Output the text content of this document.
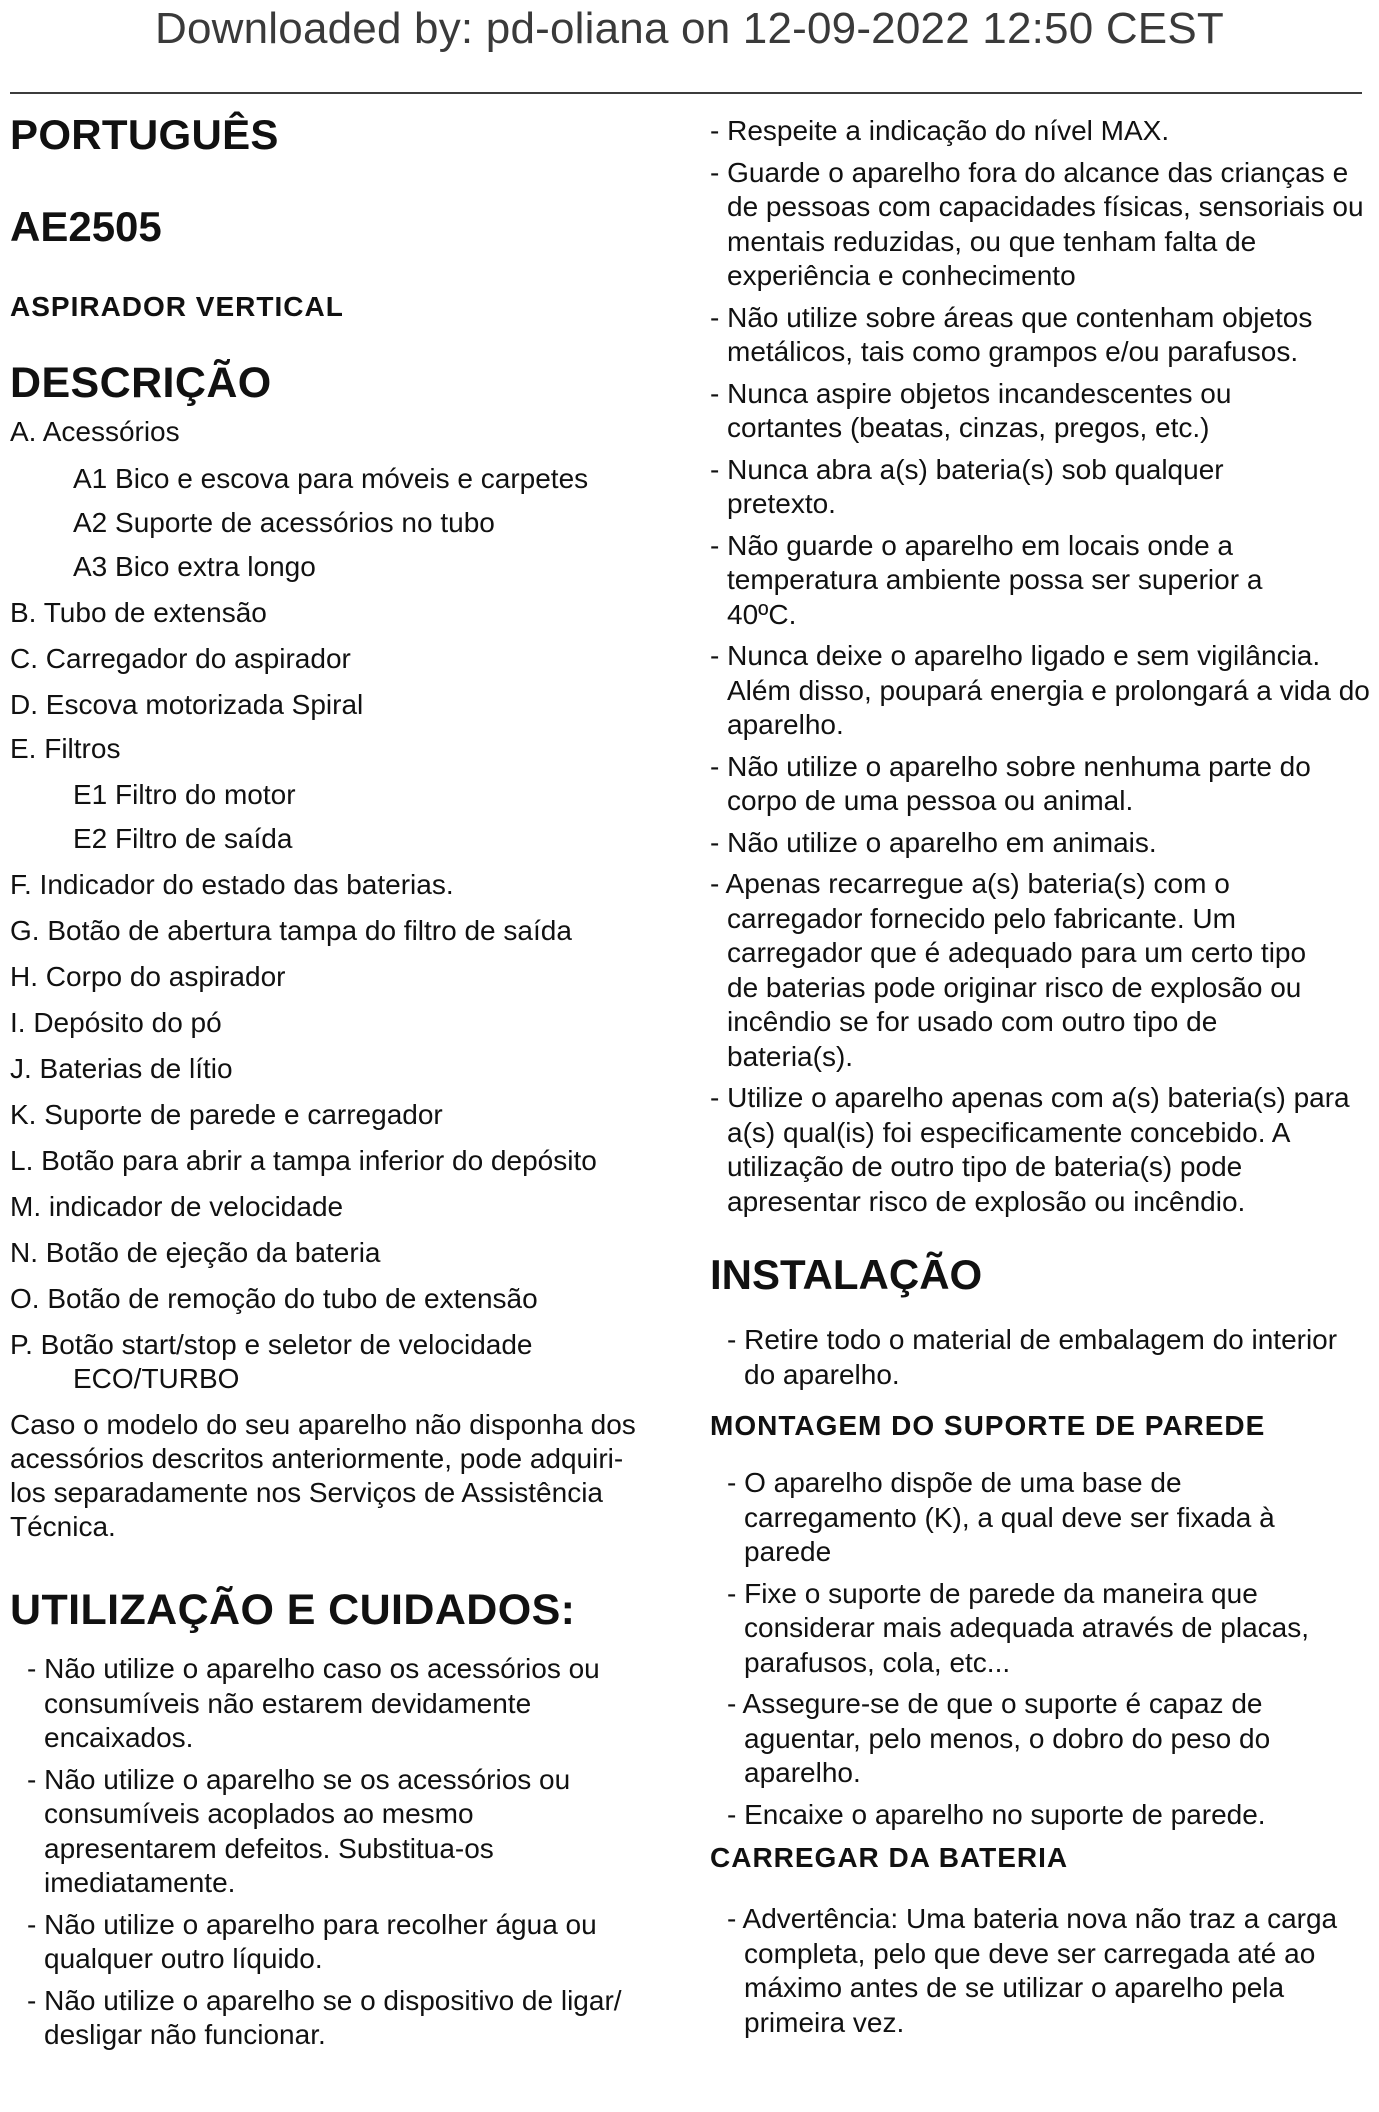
Downloaded by: pd-oliana on 12-09-2022 12:50 CEST
PORTUGUÊS
AE2505
ASPIRADOR VERTICAL
DESCRIÇÃO

A. Acessórios

A1 Bico e escova para móveis e carpetes

A2 Suporte de acessórios no tubo

A3 Bico extra longo

B. Tubo de extensão

C. Carregador do aspirador

D. Escova motorizada Spiral

E. Filtros

E1 Filtro do motor

E2 Filtro de saída

F. Indicador do estado das baterias.

G. Botão de abertura tampa do filtro de saída

H. Corpo do aspirador

I. Depósito do pó

J. Baterias de lítio

K. Suporte de parede e carregador

L. Botão para abrir a tampa inferior do depósito

M. indicador de velocidade

N. Botão de ejeção da bateria

O. Botão de remoção do tubo de extensão

P. Botão start/stop e seletor de velocidade ECO/TURBO

Caso o modelo do seu aparelho não disponha dos acessórios descritos anteriormente, pode adquiri-los separadamente nos Serviços de Assistência Técnica.

UTILIZAÇÃO E CUIDADOS:

- Não utilize o aparelho caso os acessórios ou consumíveis não estarem devidamente encaixados.

- Não utilize o aparelho se os acessórios ou consumíveis acoplados ao mesmo apresentarem defeitos. Substitua-os imediatamente.

- Não utilize o aparelho para recolher água ou qualquer outro líquido.

- Não utilize o aparelho se o dispositivo de ligar/ desligar não funcionar.

- Respeite a indicação do nível MAX.

- Guarde o aparelho fora do alcance das crianças e de pessoas com capacidades físicas, sensoriais ou mentais reduzidas, ou que tenham falta de experiência e conhecimento

- Não utilize sobre áreas que contenham objetos metálicos, tais como grampos e/ou parafusos.

- Nunca aspire objetos incandescentes ou cortantes (beatas, cinzas, pregos, etc.)

- Nunca abra a(s) bateria(s) sob qualquer pretexto.

- Não guarde o aparelho em locais onde a temperatura ambiente possa ser superior a 40ºC.

- Nunca deixe o aparelho ligado e sem vigilância. Além disso, poupará energia e prolongará a vida do aparelho.

- Não utilize o aparelho sobre nenhuma parte do corpo de uma pessoa ou animal.

- Não utilize o aparelho em animais.

- Apenas recarregue a(s) bateria(s) com o carregador fornecido pelo fabricante. Um carregador que é adequado para um certo tipo de baterias pode originar risco de explosão ou incêndio se for usado com outro tipo de bateria(s).

- Utilize o aparelho apenas com a(s) bateria(s) para a(s) qual(is) foi especificamente concebido. A utilização de outro tipo de bateria(s) pode apresentar risco de explosão ou incêndio.

INSTALAÇÃO

- Retire todo o material de embalagem do interior do aparelho.

MONTAGEM DO SUPORTE DE PAREDE

- O aparelho dispõe de uma base de carregamento (K), a qual deve ser fixada à parede

- Fixe o suporte de parede da maneira que considerar mais adequada através de placas, parafusos, cola, etc...

- Assegure-se de que o suporte é capaz de aguentar, pelo menos, o dobro do peso do aparelho.

- Encaixe o aparelho no suporte de parede.

CARREGAR DA BATERIA

- Advertência: Uma bateria nova não traz a carga completa, pelo que deve ser carregada até ao máximo antes de se utilizar o aparelho pela primeira vez.
